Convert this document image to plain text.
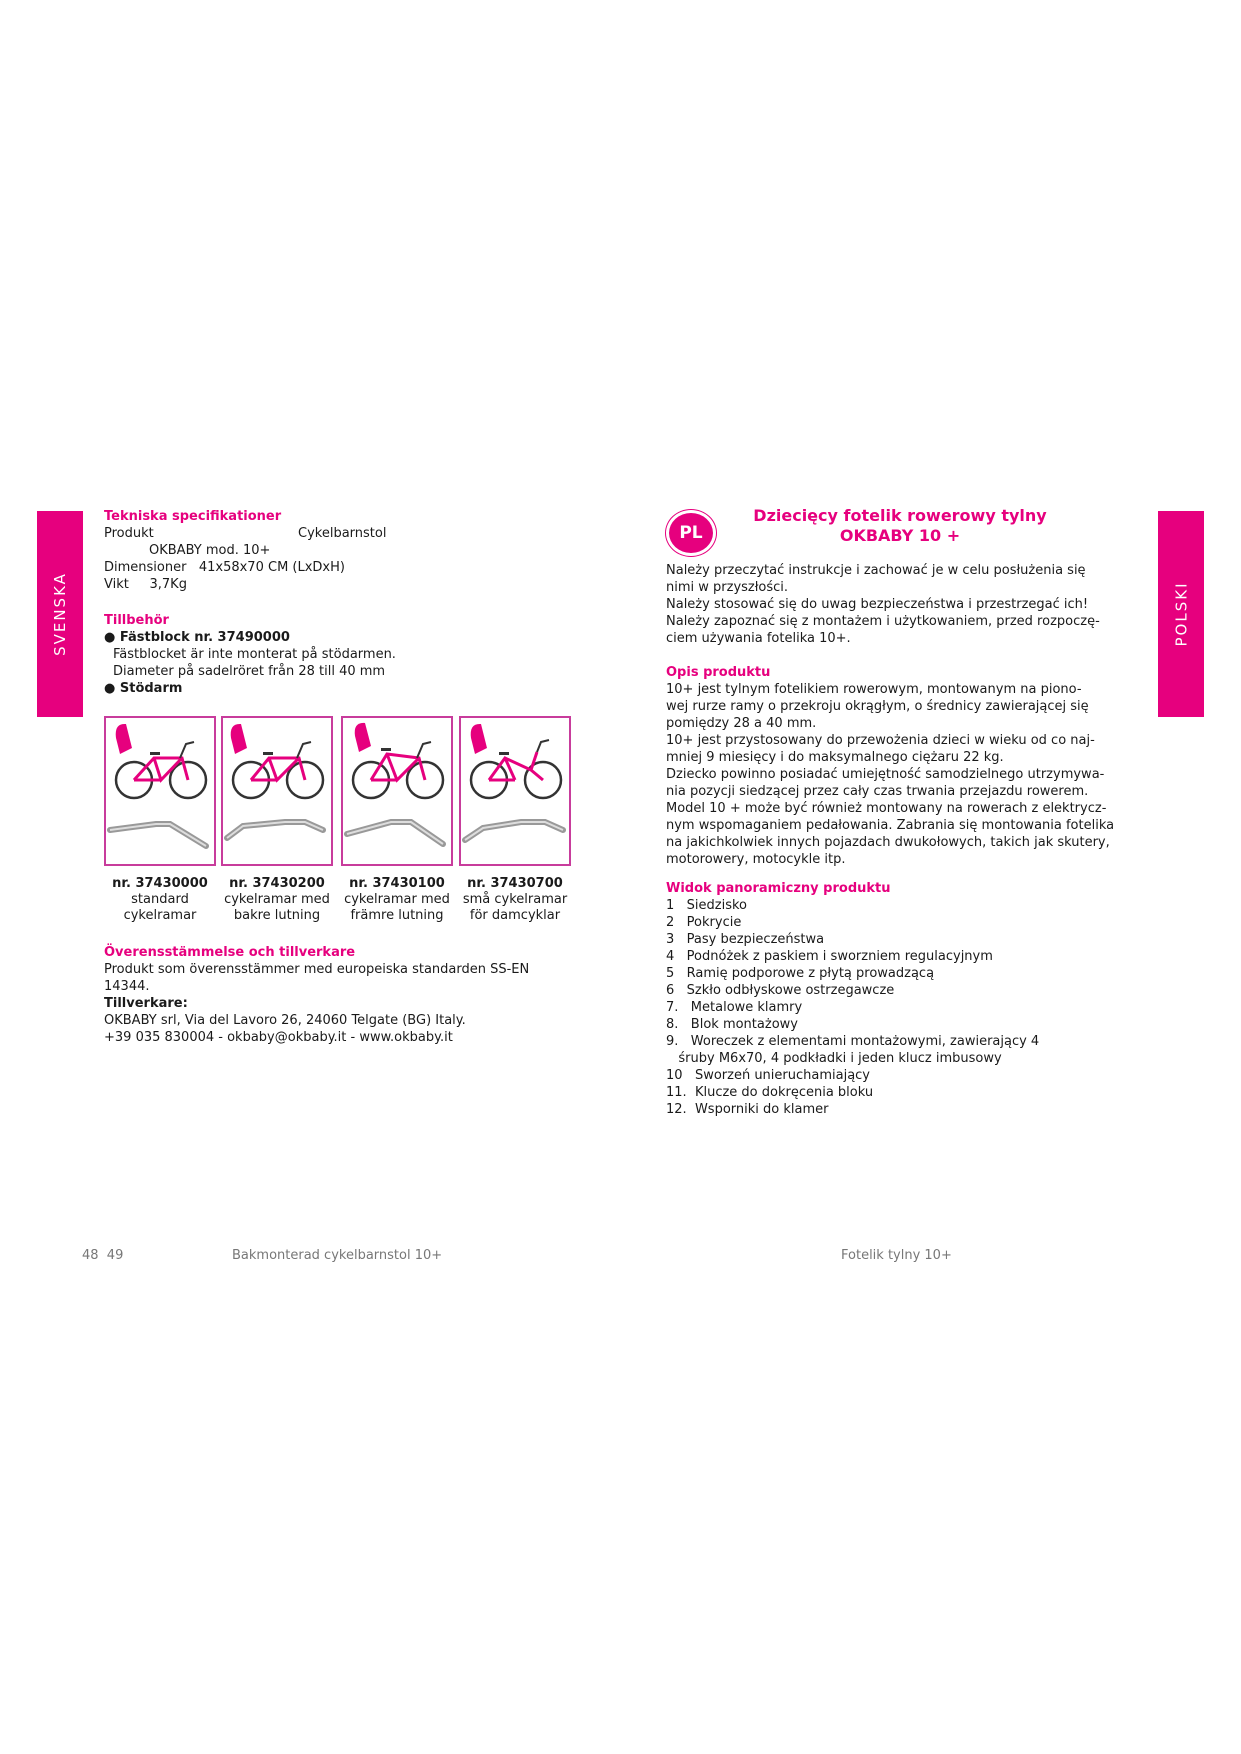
SVENSKA	POLSKI
Tekniska specifikationer
Produkt	Cykelbarnstol
OKBABY mod. 10+
Dimensioner   41x58x70 CM (LxDxH)
Vikt     3,7Kg
Tillbehör
● Fästblock nr. 37490000
Fästblocket är inte monterat på stödarmen.
Diameter på sadelröret från 28 till 40 mm
● Stödarm
nr. 37430000
standard
cykelramar
nr. 37430200
cykelramar med
bakre lutning
nr. 37430100
cykelramar med
främre lutning
nr. 37430700
små cykelramar
för damcyklar
Överensstämmelse och tillverkare
Produkt som överensstämmer med europeiska standarden SS-EN
14344.
Tillverkare:
OKBABY srl, Via del Lavoro 26, 24060 Telgate (BG) Italy.
+39 035 830004 - okbaby@okbaby.it - www.okbaby.it
PL
Dziecięcy fotelik rowerowy tylny
OKBABY 10 +
Należy przeczytać instrukcje i zachować je w celu posłużenia się
nimi w przyszłości.
Należy stosować się do uwag bezpieczeństwa i przestrzegać ich!
Należy zapoznać się z montażem i użytkowaniem, przed rozpoczę-
ciem używania fotelika 10+.
Opis produktu
10+ jest tylnym fotelikiem rowerowym, montowanym na piono-
wej rurze ramy o przekroju okrągłym, o średnicy zawierającej się
pomiędzy 28 a 40 mm.
10+ jest przystosowany do przewożenia dzieci w wieku od co naj-
mniej 9 miesięcy i do maksymalnego ciężaru 22 kg.
Dziecko powinno posiadać umiejętność samodzielnego utrzymywa-
nia pozycji siedzącej przez cały czas trwania przejazdu rowerem.
Model 10 + może być również montowany na rowerach z elektrycz-
nym wspomaganiem pedałowania. Zabrania się montowania fotelika
na jakichkolwiek innych pojazdach dwukołowych, takich jak skutery,
motorowery, motocykle itp.
Widok panoramiczny produktu
1   Siedzisko
2   Pokrycie
3   Pasy bezpieczeństwa
4   Podnóżek z paskiem i sworzniem regulacyjnym
5   Ramię podporowe z płytą prowadzącą
6   Szkło odbłyskowe ostrzegawcze
7.   Metalowe klamry
8.   Blok montażowy
9.   Woreczek z elementami montażowymi, zawierający 4
śruby M6x70, 4 podkładki i jeden klucz imbusowy
10   Sworzeń unieruchamiający
11.  Klucze do dokręcenia bloku
12.  Wsporniki do klamer
48  49	Bakmonterad cykelbarnstol 10+	Fotelik tylny 10+
